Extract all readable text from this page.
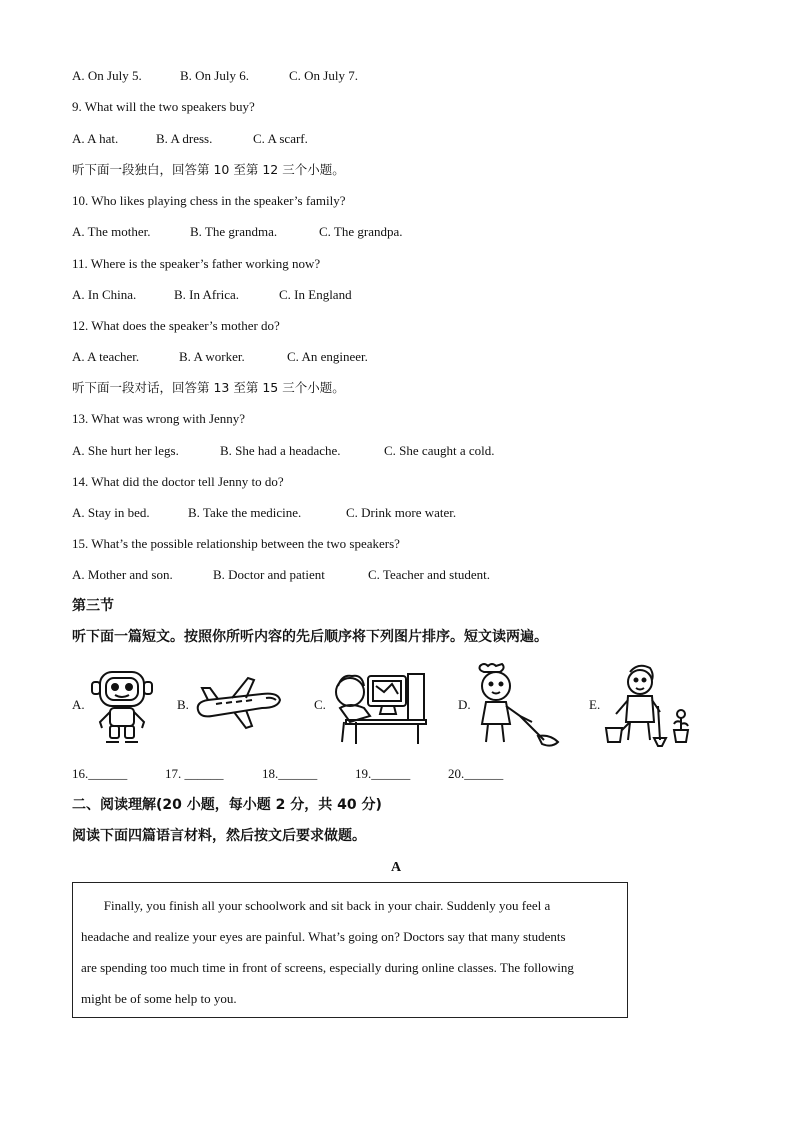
A. On July 5.	B. On July 6.	C. On July 7.
9. What will the two speakers buy?
A. A hat.	B. A dress.	C. A scarf.
听下面一段独白，回答第 10 至第 12 三个小题。
10. Who likes playing chess in the speaker’s family?
A. The mother.	B. The grandma.	C. The grandpa.
11. Where is the speaker’s father working now?
A. In China.	B. In Africa.	C. In England
12. What does the speaker’s mother do?
A. A teacher.	B. A worker.	C. An engineer.
听下面一段对话，回答第 13 至第 15 三个小题。
13. What was wrong with Jenny?
A. She hurt her legs.	B. She had a headache.	C. She caught a cold.
14. What did the doctor tell Jenny to do?
A. Stay in bed.	B. Take the medicine.	C. Drink more water.
15. What’s the possible relationship between the two speakers?
A. Mother and son.	B. Doctor and patient	C. Teacher and student.
第三节
听下面一篇短文。按照你所听内容的先后顺序将下列图片排序。短文读两遍。
A.	B.	C.	D.	E.
16.______	17. ______	18.______	19.______	20.______
二、阅读理解(20 小题，每小题 2 分，共 40 分)
阅读下面四篇语言材料，然后按文后要求做题。
A

Finally, you finish all your schoolwork and sit back in your chair. Suddenly you feel a

headache and realize your eyes are painful. What’s going on? Doctors say that many students

are spending too much time in front of screens, especially during online classes. The following

might be of some help to you.
